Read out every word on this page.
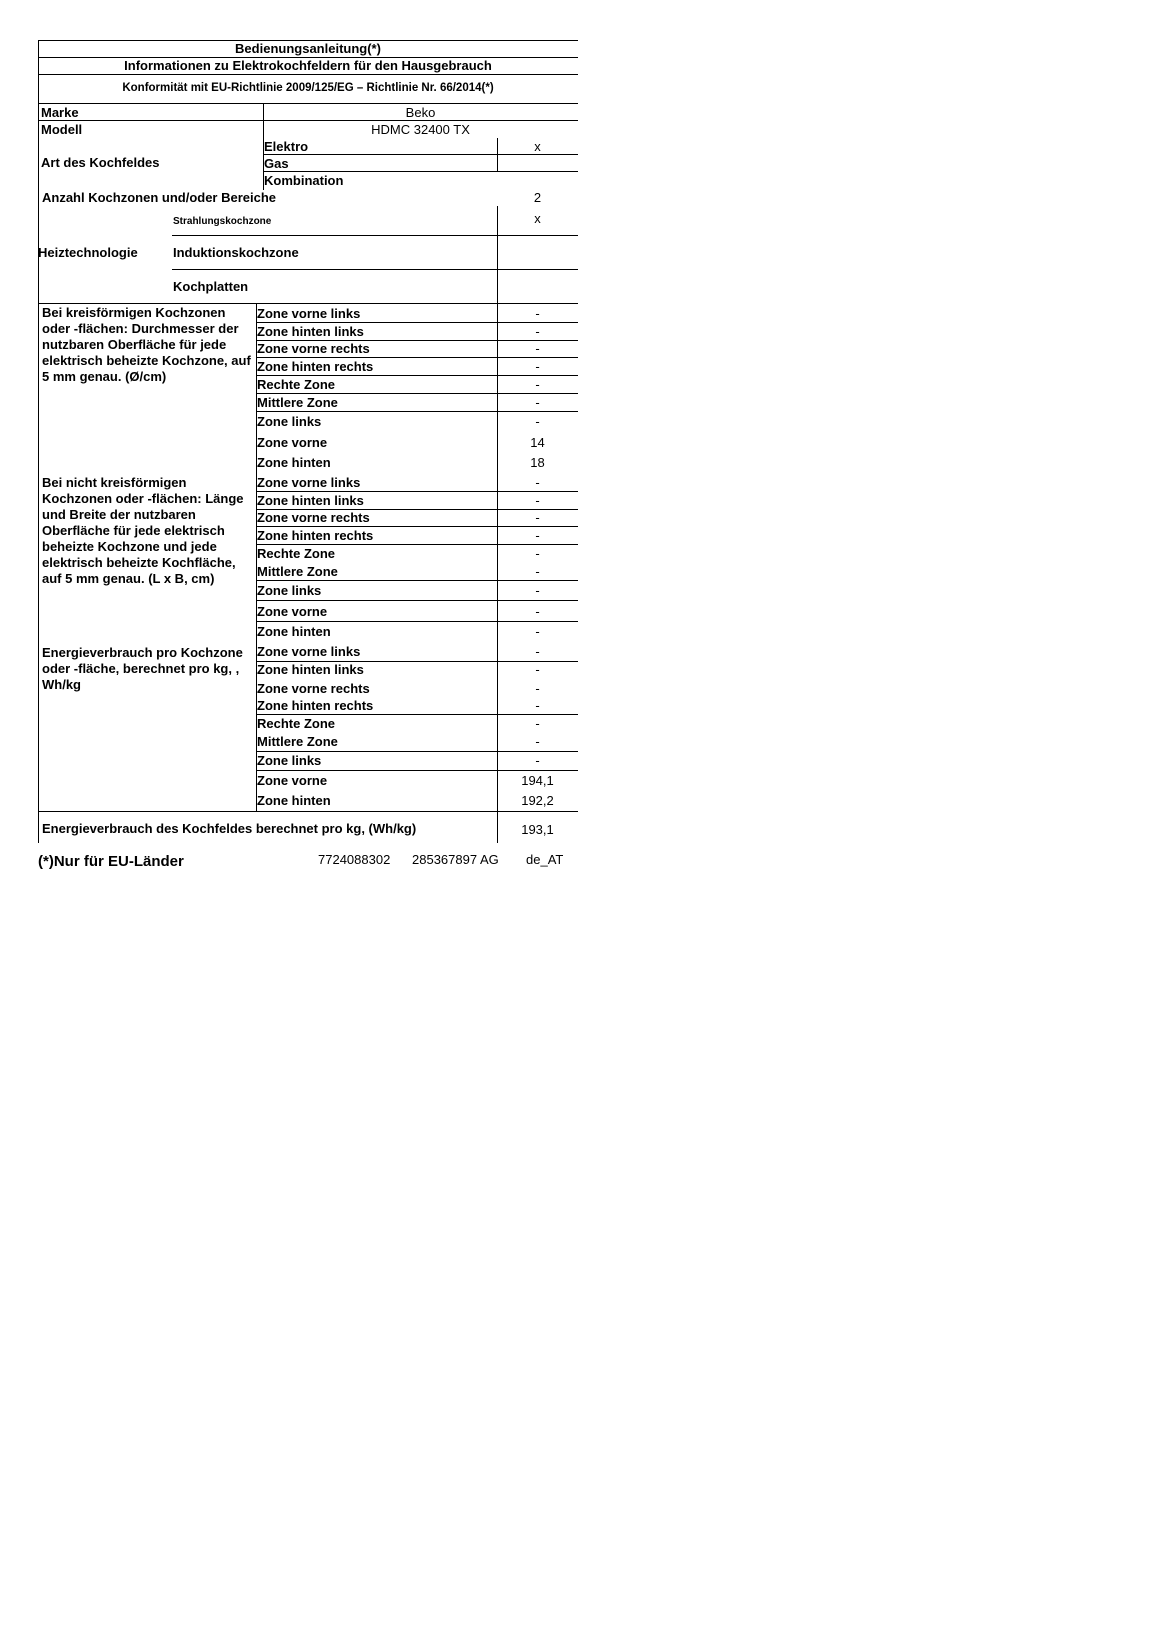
Bedienungsanleitung(*)
Informationen zu Elektrokochfeldern für den Hausgebrauch
Konformität mit EU-Richtlinie 2009/125/EG – Richtlinie Nr. 66/2014(*)
Marke	Beko
Modell	HDMC 32400 TX
Art des Kochfeldes
Elektro	x
Gas
Kombination
Anzahl Kochzonen und/oder Bereiche	2
Heiztechnologie
Strahlungskochzone	x
Induktionskochzone
Kochplatten
Bei kreisförmigen Kochzonen oder -flächen: Durchmesser der nutzbaren Oberfläche für jede elektrisch beheizte Kochzone, auf 5 mm genau. (Ø/cm)
Zone vorne links	-
Zone hinten links	-
Zone vorne rechts	-
Zone hinten rechts	-
Rechte Zone	-
Mittlere Zone	-
Zone links	-
Zone vorne	14
Zone hinten	18
Bei nicht kreisförmigen Kochzonen oder -flächen: Länge und Breite der nutzbaren Oberfläche für jede elektrisch beheizte Kochzone und jede elektrisch beheizte Kochfläche, auf 5 mm genau. (L x B, cm)
Zone vorne links	-
Zone hinten links	-
Zone vorne rechts	-
Zone hinten rechts	-
Rechte Zone	-
Mittlere Zone	-
Zone links	-
Zone vorne	-
Zone hinten	-
Energieverbrauch pro Kochzone oder -fläche, berechnet pro kg, , Wh/kg
Zone vorne links	-
Zone hinten links	-
Zone vorne rechts	-
Zone hinten rechts	-
Rechte Zone	-
Mittlere Zone	-
Zone links	-
Zone vorne	194,1
Zone hinten	192,2
Energieverbrauch des Kochfeldes berechnet pro kg, (Wh/kg)	193,1
(*)Nur für EU-Länder	7724088302 285367897 AG de_AT
